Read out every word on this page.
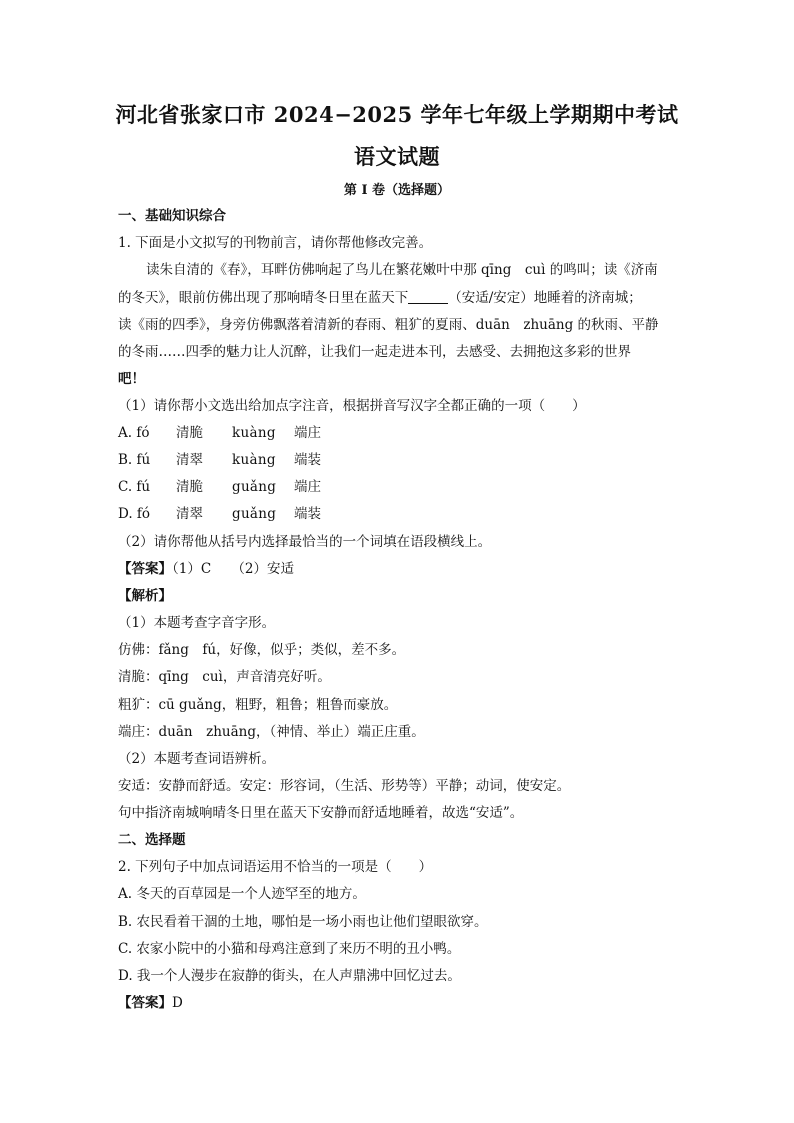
河北省张家口市 2024−2025 学年七年级上学期期中考试
语文试题
第 I 卷（选择题）
一、基础知识综合
1. 下面是小文拟写的刊物前言，请你帮他修改完善。
读朱自清的《春》，耳畔仿佛响起了鸟儿在繁花嫩叶中那 qīng　cuì 的鸣叫；读《济南
的冬天》，眼前仿佛出现了那响晴冬日里在蓝天下	（安适/安定）地睡着的济南城；
读《雨的四季》，身旁仿佛飘落着清新的春雨、粗犷的夏雨、duān　zhuāng 的秋雨、平静
的冬雨……四季的魅力让人沉醉，让我们一起走进本刊，去感受、去拥抱这多彩的世界
吧！
（1）请你帮小文选出给加点字注音，根据拼音写汉字全都正确的一项（　　）
A. fó 清脆 kuàng 端庄
B. fú 清翠 kuàng 端装
C. fú 清脆 guǎng 端庄
D. fó 清翠 guǎng 端装
（2）请你帮他从括号内选择最恰当的一个词填在语段横线上。
【答案】（1）C　　（2）安适
【解析】
（1）本题考查字音字形。
仿佛：fǎng　fú，好像，似乎；类似，差不多。
清脆：qīng　cuì，声音清亮好听。
粗犷：cū guǎng，粗野，粗鲁；粗鲁而豪放。
端庄：duān　zhuāng，（神情、举止）端正庄重。
（2）本题考查词语辨析。
安适：安静而舒适。安定：形容词，（生活、形势等）平静；动词，使安定。
句中指济南城响晴冬日里在蓝天下安静而舒适地睡着，故选“安适”。
二、选择题
2. 下列句子中加点词语运用不恰当的一项是（　　）
A. 冬天的百草园是一个人迹罕至的地方。
B. 农民看着干涸的土地，哪怕是一场小雨也让他们望眼欲穿。
C. 农家小院中的小猫和母鸡注意到了来历不明的丑小鸭。
D. 我一个人漫步在寂静的街头，在人声鼎沸中回忆过去。
【答案】D
